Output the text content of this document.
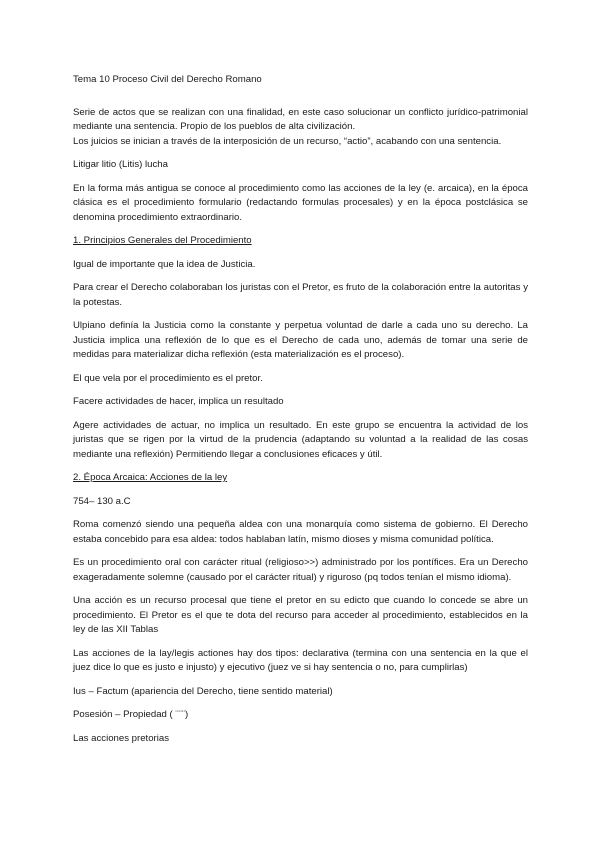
Tema 10 Proceso Civil del Derecho Romano

Serie de actos que se realizan con una finalidad, en este caso solucionar un conflicto jurídico-patrimonial mediante una sentencia. Propio de los pueblos de alta civilización.

Los juicios se inician a través de la interposición de un recurso, “actio”, acabando con una sentencia.

Litigar litio (Litis) lucha

En la forma más antigua se conoce al procedimiento como las acciones de la ley (e. arcaica), en la época clásica es el procedimiento formulario (redactando formulas procesales) y en la época postclásica se denomina procedimiento extraordinario.

1. Principios Generales del Procedimiento

Igual de importante que la idea de Justicia.

Para crear el Derecho colaboraban los juristas con el Pretor, es fruto de la colaboración entre la autoritas y la potestas.

Ulpiano definía la Justicia como la constante y perpetua voluntad de darle a cada uno su derecho. La Justicia implica una reflexión de lo que es el Derecho de cada uno, además de tomar una serie de medidas para materializar dicha reflexión (esta materialización es el proceso).

El que vela por el procedimiento es el pretor.

Facere actividades de hacer, implica un resultado

Agere actividades de actuar, no implica un resultado. En este grupo se encuentra la actividad de los juristas que se rigen por la virtud de la prudencia (adaptando su voluntad a la realidad de las cosas mediante una reflexión) Permitiendo llegar a conclusiones eficaces y útil.

2. Época Arcaica: Acciones de la ley

754– 130 a.C

Roma comenzó siendo una pequeña aldea con una monarquía como sistema de gobierno. El Derecho estaba concebido para esa aldea: todos hablaban latín, mismo dioses y misma comunidad política.

Es un procedimiento oral con carácter ritual (religioso>>) administrado por los pontífices. Era un Derecho exageradamente solemne (causado por el carácter ritual) y riguroso (pq todos tenían el mismo idioma).

Una acción es un recurso procesal que tiene el pretor en su edicto que cuando lo concede se abre un procedimiento. El Pretor es el que te dota del recurso para acceder al procedimiento, establecidos en la ley de las XII Tablas

Las acciones de la lay/legis actiones hay dos tipos: declarativa (termina con una sentencia en la que el juez dice lo que es justo e injusto) y ejecutivo (juez ve si hay sentencia o no, para cumplirlas)

Ius – Factum (apariencia del Derecho, tiene sentido material)

Posesión – Propiedad ( ¨¨¨)

Las acciones pretorias
